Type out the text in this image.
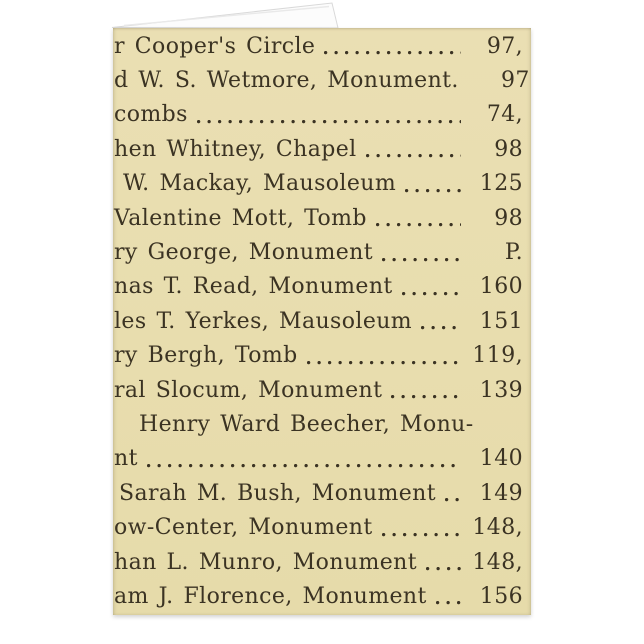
r Cooper's Circle	97,
d W. S. Wetmore, Monument.	97
combs	74,
hen Whitney, Chapel	98
W. Mackay, Mausoleum	125
Valentine Mott, Tomb	98
ry George, Monument	P.
nas T. Read, Monument	160
les T. Yerkes, Mausoleum	151
ry Bergh, Tomb	119,
ral Slocum, Monument	139
Henry Ward Beecher, Monu-
nt	140
Sarah M. Bush, Monument	149
ow-Center, Monument	148,
han L. Munro, Monument	148,
am J. Florence, Monument	156
